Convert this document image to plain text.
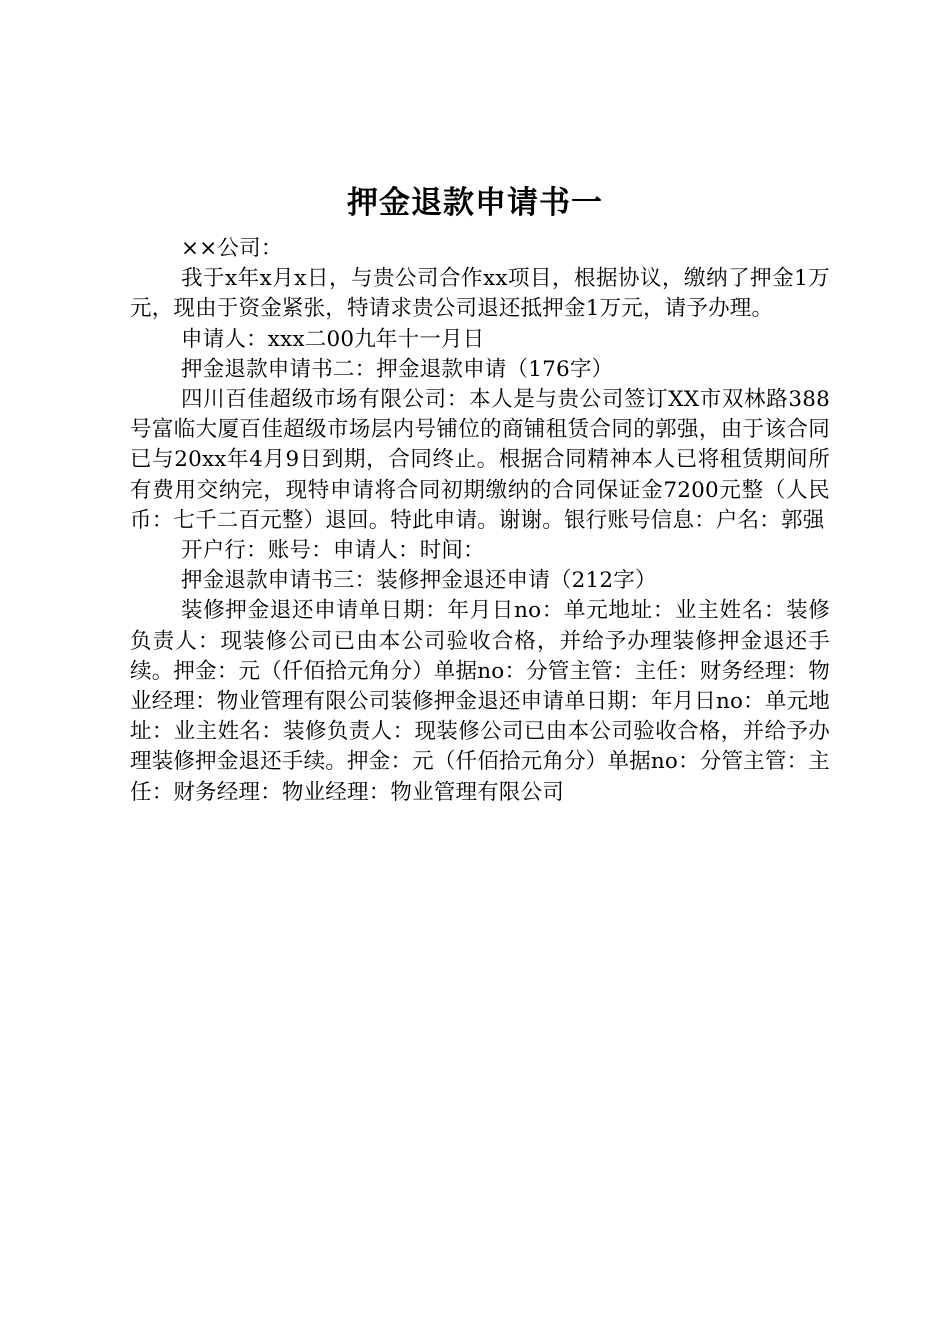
押金退款申请书一

××公司：

我于x年x月x日，与贵公司合作xx项目，根据协议，缴纳了押金1万元，现由于资金紧张，特请求贵公司退还抵押金1万元，请予办理。

申请人：xxx二00九年十一月日

押金退款申请书二：押金退款申请（176字）

四川百佳超级市场有限公司：本人是与贵公司签订XX市双林路388号富临大厦百佳超级市场层内号铺位的商铺租赁合同的郭强，由于该合同已与20xx年4月9日到期，合同终止。根据合同精神本人已将租赁期间所有费用交纳完，现特申请将合同初期缴纳的合同保证金7200元整（人民币：七千二百元整）退回。特此申请。谢谢。银行账号信息：户名：郭强

开户行：账号：申请人：时间：

押金退款申请书三：装修押金退还申请（212字）

装修押金退还申请单日期：年月日no：单元地址：业主姓名：装修负责人：现装修公司已由本公司验收合格，并给予办理装修押金退还手续。押金：元（仟佰拾元角分）单据no：分管主管：主任：财务经理：物业经理：物业管理有限公司装修押金退还申请单日期：年月日no：单元地址：业主姓名：装修负责人：现装修公司已由本公司验收合格，并给予办理装修押金退还手续。押金：元（仟佰拾元角分）单据no：分管主管：主任：财务经理：物业经理：物业管理有限公司
